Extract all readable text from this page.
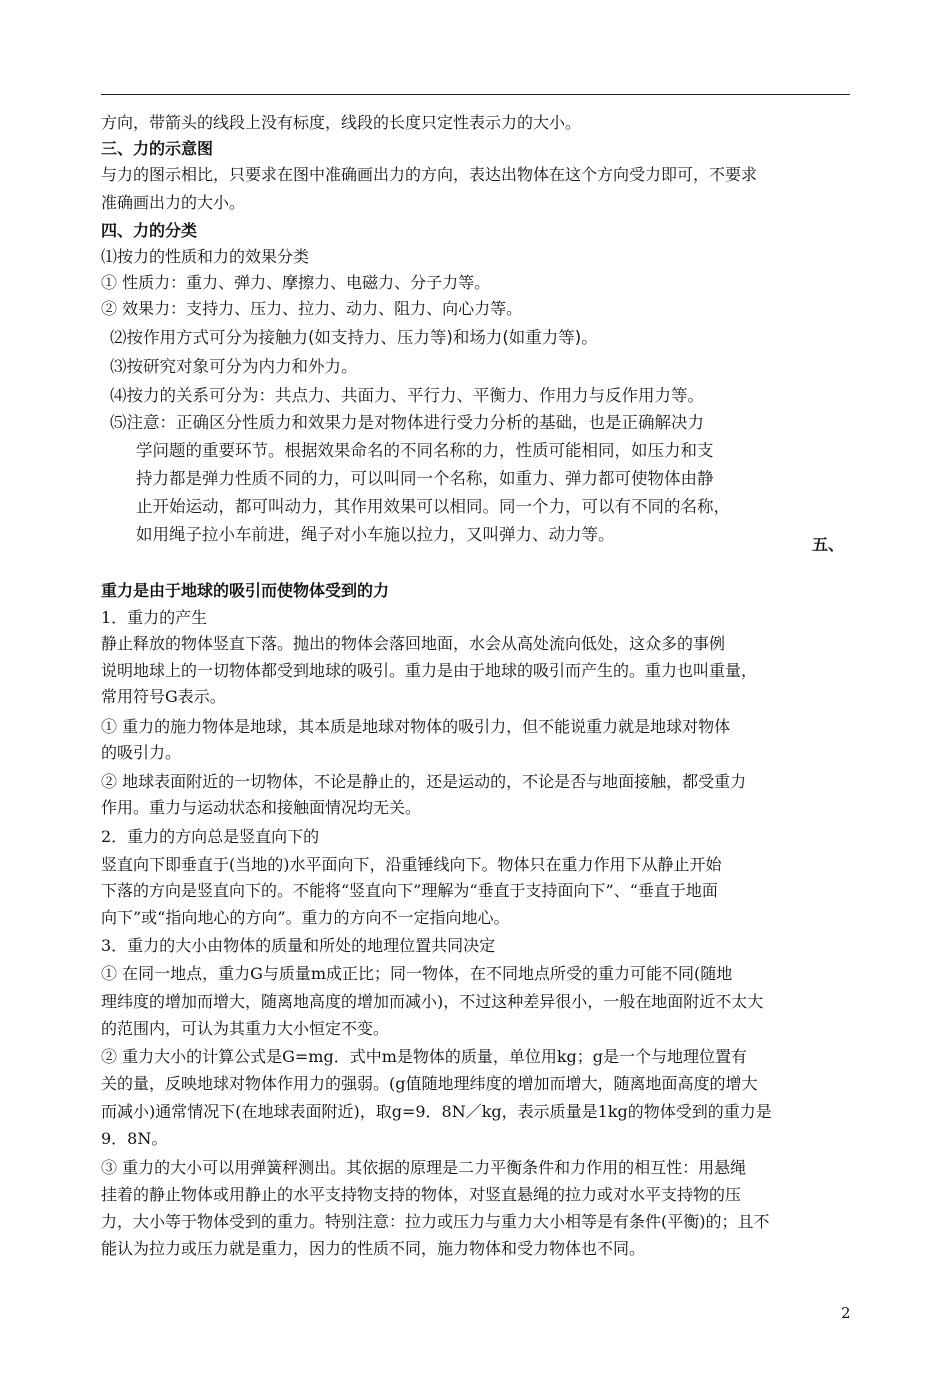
方向，带箭头的线段上没有标度，线段的长度只定性表示力的大小。
三、力的示意图
与力的图示相比，只要求在图中准确画出力的方向，表达出物体在这个方向受力即可，不要求
准确画出力的大小。
四、力的分类
⑴按力的性质和力的效果分类
① 性质力：重力、弹力、摩擦力、电磁力、分子力等。
② 效果力：支持力、压力、拉力、动力、阻力、向心力等。
⑵按作用方式可分为接触力(如支持力、压力等)和场力(如重力等)。
⑶按研究对象可分为内力和外力。
⑷按力的关系可分为：共点力、共面力、平行力、平衡力、作用力与反作用力等。
⑸注意：正确区分性质力和效果力是对物体进行受力分析的基础，也是正确解决力
学问题的重要环节。根据效果命名的不同名称的力，性质可能相同，如压力和支
持力都是弹力性质不同的力，可以叫同一个名称，如重力、弹力都可使物体由静
止开始运动，都可叫动力，其作用效果可以相同。同一个力，可以有不同的名称，
如用绳子拉小车前进，绳子对小车施以拉力，又叫弹力、动力等。
五、
重力是由于地球的吸引而使物体受到的力
1．重力的产生
静止释放的物体竖直下落。抛出的物体会落回地面，水会从高处流向低处，这众多的事例
说明地球上的一切物体都受到地球的吸引。重力是由于地球的吸引而产生的。重力也叫重量，
常用符号G表示。
① 重力的施力物体是地球，其本质是地球对物体的吸引力，但不能说重力就是地球对物体
的吸引力。
② 地球表面附近的一切物体，不论是静止的，还是运动的，不论是否与地面接触，都受重力
作用。重力与运动状态和接触面情况均无关。
2．重力的方向总是竖直向下的
竖直向下即垂直于(当地的)水平面向下，沿重锤线向下。物体只在重力作用下从静止开始
下落的方向是竖直向下的。不能将“竖直向下”理解为“垂直于支持面向下”、“垂直于地面
向下”或“指向地心的方向”。重力的方向不一定指向地心。
3．重力的大小由物体的质量和所处的地理位置共同决定
① 在同一地点，重力G与质量m成正比；同一物体，在不同地点所受的重力可能不同(随地
理纬度的增加而增大，随离地高度的增加而减小)，不过这种差异很小，一般在地面附近不太大
的范围内，可认为其重力大小恒定不变。
② 重力大小的计算公式是G=mg．式中m是物体的质量，单位用kg；g是一个与地理位置有
关的量，反映地球对物体作用力的强弱。(g值随地理纬度的增加而增大，随离地面高度的增大
而减小)通常情况下(在地球表面附近)，取g=9．8N／kg，表示质量是1kg的物体受到的重力是
9．8N。
③ 重力的大小可以用弹簧秤测出。其依据的原理是二力平衡条件和力作用的相互性：用悬绳
挂着的静止物体或用静止的水平支持物支持的物体，对竖直悬绳的拉力或对水平支持物的压
力，大小等于物体受到的重力。特别注意：拉力或压力与重力大小相等是有条件(平衡)的；且不
能认为拉力或压力就是重力，因力的性质不同，施力物体和受力物体也不同。
2
